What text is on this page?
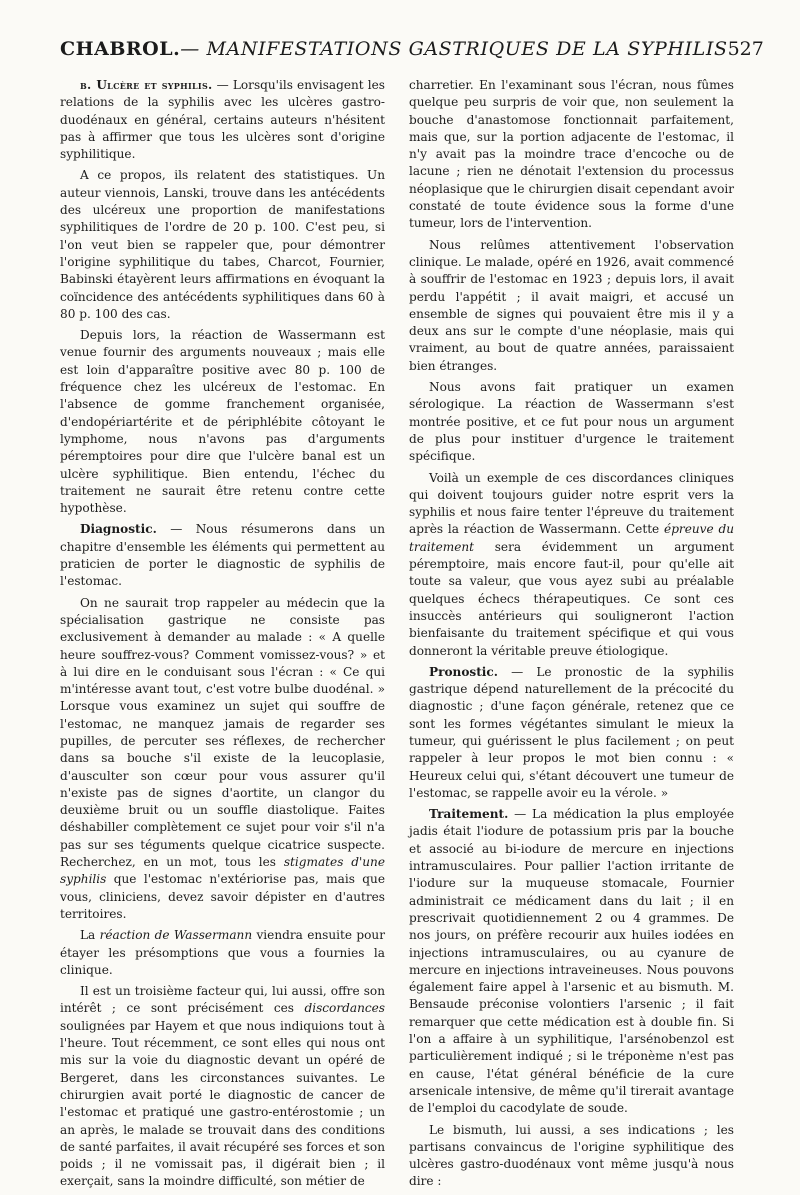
CHABROL. — MANIFESTATIONS GASTRIQUES DE LA SYPHILIS 527

b. Ulcère et syphilis. — Lorsqu'ils envisagent les relations de la syphilis avec les ulcères gastro-duodénaux en général, certains auteurs n'hésitent pas à affirmer que tous les ulcères sont d'origine syphilitique.

A ce propos, ils relatent des statistiques. Un auteur viennois, Lanski, trouve dans les antécédents des ulcéreux une proportion de manifestations syphilitiques de l'ordre de 20 p. 100. C'est peu, si l'on veut bien se rappeler que, pour démontrer l'origine syphilitique du tabes, Charcot, Fournier, Babinski étayèrent leurs affirmations en évoquant la coïncidence des antécédents syphilitiques dans 60 à 80 p. 100 des cas.

Depuis lors, la réaction de Wassermann est venue fournir des arguments nouveaux ; mais elle est loin d'apparaître positive avec 80 p. 100 de fréquence chez les ulcéreux de l'estomac. En l'absence de gomme franchement organisée, d'endopériartérite et de périphlébite côtoyant le lymphome, nous n'avons pas d'arguments péremptoires pour dire que l'ulcère banal est un ulcère syphilitique. Bien entendu, l'échec du traitement ne saurait être retenu contre cette hypothèse.

Diagnostic. — Nous résumerons dans un chapitre d'ensemble les éléments qui permettent au praticien de porter le diagnostic de syphilis de l'estomac.

On ne saurait trop rappeler au médecin que la spécialisation gastrique ne consiste pas exclusivement à demander au malade : « A quelle heure souffrez-vous? Comment vomissez-vous? » et à lui dire en le conduisant sous l'écran : « Ce qui m'intéresse avant tout, c'est votre bulbe duodénal. » Lorsque vous examinez un sujet qui souffre de l'estomac, ne manquez jamais de regarder ses pupilles, de percuter ses réflexes, de rechercher dans sa bouche s'il existe de la leucoplasie, d'ausculter son cœur pour vous assurer qu'il n'existe pas de signes d'aortite, un clangor du deuxième bruit ou un souffle diastolique. Faites déshabiller complètement ce sujet pour voir s'il n'a pas sur ses téguments quelque cicatrice suspecte. Recherchez, en un mot, tous les stigmates d'une syphilis que l'estomac n'extériorise pas, mais que vous, cliniciens, devez savoir dépister en d'autres territoires.

La réaction de Wassermann viendra ensuite pour étayer les présomptions que vous a fournies la clinique.

Il est un troisième facteur qui, lui aussi, offre son intérêt ; ce sont précisément ces discordances soulignées par Hayem et que nous indiquions tout à l'heure. Tout récemment, ce sont elles qui nous ont mis sur la voie du diagnostic devant un opéré de Bergeret, dans les circonstances suivantes. Le chirurgien avait porté le diagnostic de cancer de l'estomac et pratiqué une gastro-entérostomie ; un an après, le malade se trouvait dans des conditions de santé parfaites, il avait récupéré ses forces et son poids ; il ne vomissait pas, il digérait bien ; il exerçait, sans la moindre difficulté, son métier de

charretier. En l'examinant sous l'écran, nous fûmes quelque peu surpris de voir que, non seulement la bouche d'anastomose fonctionnait parfaitement, mais que, sur la portion adjacente de l'estomac, il n'y avait pas la moindre trace d'encoche ou de lacune ; rien ne dénotait l'extension du processus néoplasique que le chirurgien disait cependant avoir constaté de toute évidence sous la forme d'une tumeur, lors de l'intervention.

Nous relûmes attentivement l'observation clinique. Le malade, opéré en 1926, avait commencé à souffrir de l'estomac en 1923 ; depuis lors, il avait perdu l'appétit ; il avait maigri, et accusé un ensemble de signes qui pouvaient être mis il y a deux ans sur le compte d'une néoplasie, mais qui vraiment, au bout de quatre années, paraissaient bien étranges.

Nous avons fait pratiquer un examen sérologique. La réaction de Wassermann s'est montrée positive, et ce fut pour nous un argument de plus pour instituer d'urgence le traitement spécifique.

Voilà un exemple de ces discordances cliniques qui doivent toujours guider notre esprit vers la syphilis et nous faire tenter l'épreuve du traitement après la réaction de Wassermann. Cette épreuve du traitement sera évidemment un argument péremptoire, mais encore faut-il, pour qu'elle ait toute sa valeur, que vous ayez subi au préalable quelques échecs thérapeutiques. Ce sont ces insuccès antérieurs qui souligneront l'action bienfaisante du traitement spécifique et qui vous donneront la véritable preuve étiologique.

Pronostic. — Le pronostic de la syphilis gastrique dépend naturellement de la précocité du diagnostic ; d'une façon générale, retenez que ce sont les formes végétantes simulant le mieux la tumeur, qui guérissent le plus facilement ; on peut rappeler à leur propos le mot bien connu : « Heureux celui qui, s'étant découvert une tumeur de l'estomac, se rappelle avoir eu la vérole. »

Traitement. — La médication la plus employée jadis était l'iodure de potassium pris par la bouche et associé au bi-iodure de mercure en injections intramusculaires. Pour pallier l'action irritante de l'iodure sur la muqueuse stomacale, Fournier administrait ce médicament dans du lait ; il en prescrivait quotidiennement 2 ou 4 grammes. De nos jours, on préfère recourir aux huiles iodées en injections intramusculaires, ou au cyanure de mercure en injections intraveineuses. Nous pouvons également faire appel à l'arsenic et au bismuth. M. Bensaude préconise volontiers l'arsenic ; il fait remarquer que cette médication est à double fin. Si l'on a affaire à un syphilitique, l'arsénobenzol est particulièrement indiqué ; si le tréponème n'est pas en cause, l'état général bénéficie de la cure arsenicale intensive, de même qu'il tirerait avantage de l'emploi du cacodylate de soude.

Le bismuth, lui aussi, a ses indications ; les partisans convaincus de l'origine syphilitique des ulcères gastro-duodénaux vont même jusqu'à nous dire :
